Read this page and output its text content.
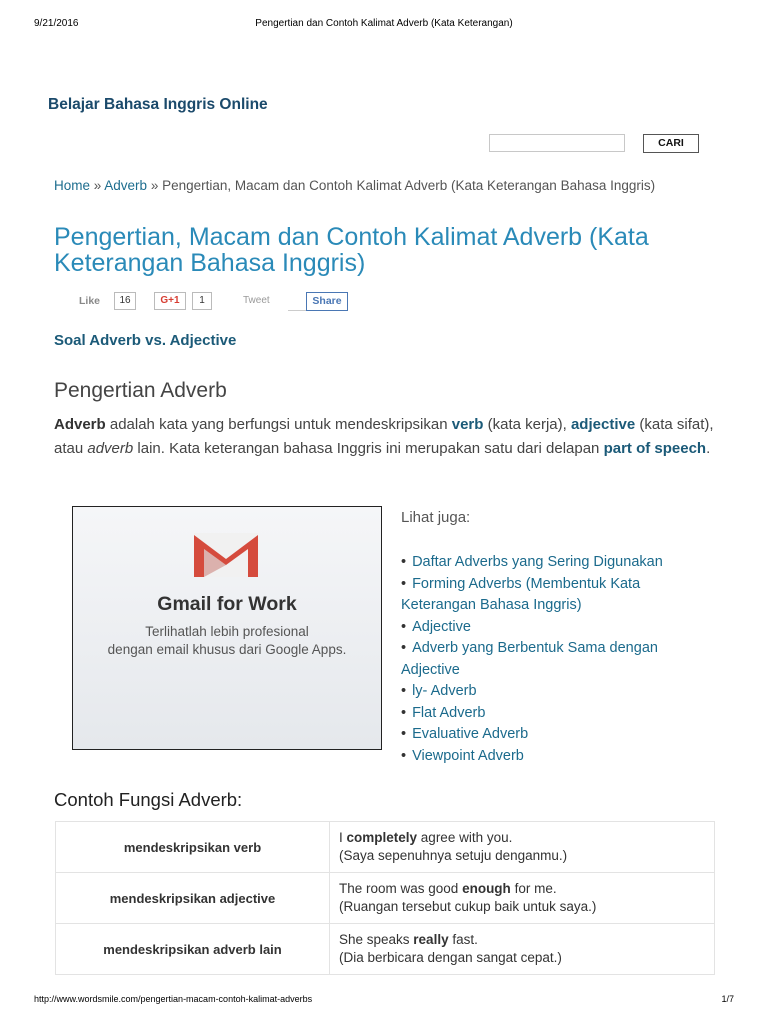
9/21/2016	Pengertian dan Contoh Kalimat Adverb (Kata Keterangan)
Belajar Bahasa Inggris Online
CARI
Home » Adverb » Pengertian, Macam dan Contoh Kalimat Adverb (Kata Keterangan Bahasa Inggris)
Pengertian, Macam dan Contoh Kalimat Adverb (Kata Keterangan Bahasa Inggris)
Like	16	G+1	1	Tweet	Share
Soal Adverb vs. Adjective
Pengertian Adverb

Adverb adalah kata yang berfungsi untuk mendeskripsikan verb (kata kerja), adjective (kata sifat), atau adverb lain. Kata keterangan bahasa Inggris ini merupakan satu dari delapan part of speech.

Gmail for Work
Terlihatlah lebih profesional
dengan email khusus dari Google Apps.
Lihat juga:
• Daftar Adverbs yang Sering Digunakan
• Forming Adverbs (Membentuk Kata Keterangan Bahasa Inggris)
• Adjective
• Adverb yang Berbentuk Sama dengan Adjective
• ly- Adverb
• Flat Adverb
• Evaluative Adverb
• Viewpoint Adverb
Contoh Fungsi Adverb:
mendeskripsikan verb	I completely agree with you.
(Saya sepenuhnya setuju denganmu.)

mendeskripsikan adjective	The room was good enough for me.
(Ruangan tersebut cukup baik untuk saya.)

mendeskripsikan adverb lain	She speaks really fast.
(Dia berbicara dengan sangat cepat.)
http://www.wordsmile.com/pengertian-macam-contoh-kalimat-adverbs	1/7
